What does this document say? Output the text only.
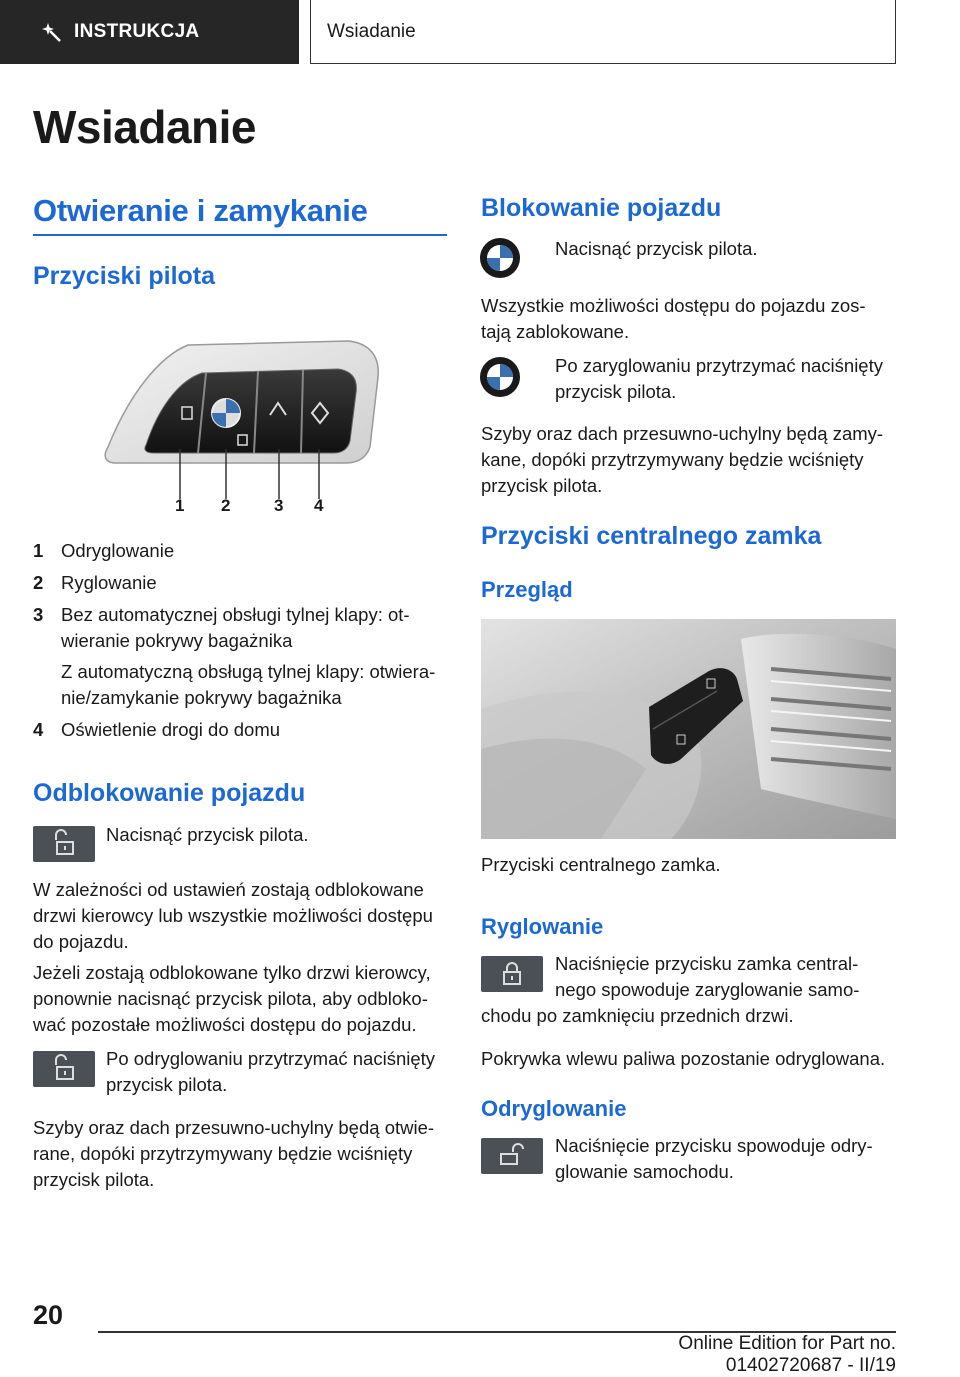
INSTRUKCJA	Wsiadanie
Wsiadanie
Otwieranie i zamykanie
Przyciski pilota
1 2	3 4
1 Odryglowanie
2 Ryglowanie
3 Bez automatycznej obsługi tylnej klapy: ot-
wieranie pokrywy bagażnika
Z automatyczną obsługą tylnej klapy: otwiera-
nie/zamykanie pokrywy bagażnika
4 Oświetlenie drogi do domu
Odblokowanie pojazdu
Nacisnąć przycisk pilota.
W zależności od ustawień zostają odblokowane
drzwi kierowcy lub wszystkie możliwości dostępu
do pojazdu.
Jeżeli zostają odblokowane tylko drzwi kierowcy,
ponownie nacisnąć przycisk pilota, aby odbloko-
wać pozostałe możliwości dostępu do pojazdu.
Po odryglowaniu przytrzymać naciśnięty
przycisk pilota.
Szyby oraz dach przesuwno-uchylny będą otwie-
rane, dopóki przytrzymywany będzie wciśnięty
przycisk pilota.
Blokowanie pojazdu
Nacisnąć przycisk pilota.
Wszystkie możliwości dostępu do pojazdu zos-
tają zablokowane.
Po zaryglowaniu przytrzymać naciśnięty
przycisk pilota.
Szyby oraz dach przesuwno-uchylny będą zamy-
kane, dopóki przytrzymywany będzie wciśnięty
przycisk pilota.
Przyciski centralnego zamka
Przegląd
Przyciski centralnego zamka.
Ryglowanie
Naciśnięcie przycisku zamka central-
nego spowoduje zaryglowanie samo-
chodu po zamknięciu przednich drzwi.
Pokrywka wlewu paliwa pozostanie odryglowana.
Odryglowanie
Naciśnięcie przycisku spowoduje odry-
glowanie samochodu.
20
Online Edition for Part no. 01402720687 - II/19
